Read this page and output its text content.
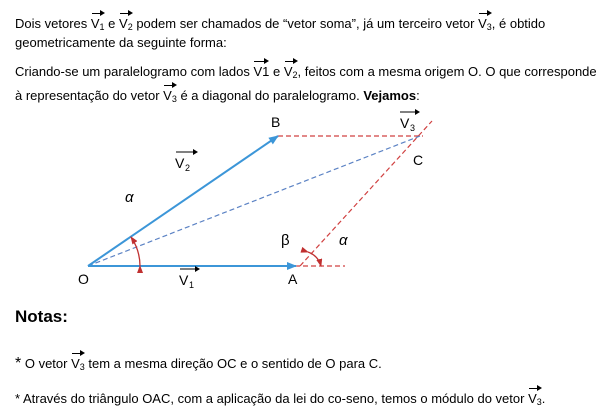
Dois vetores $V_1$ e $V_2$ podem ser chamados de “vetor soma”, já um terceiro vetor $V_3$, é obtido geometricamente da seguinte forma:

Criando-se um paralelogramo com lados V1 e $V_2$, feitos com a mesma origem O. O que corresponde à representação do vetor $V_3$ é a diagonal do paralelogramo. Vejamos:

B
C
O	A
α
α
β
V 2
V 1
V 3

Notas:

* O vetor $V_3$ tem a mesma direção OC e o sentido de O para C.

* Através do triângulo OAC, com a aplicação da lei do co-seno, temos o módulo do vetor $V_3$.
